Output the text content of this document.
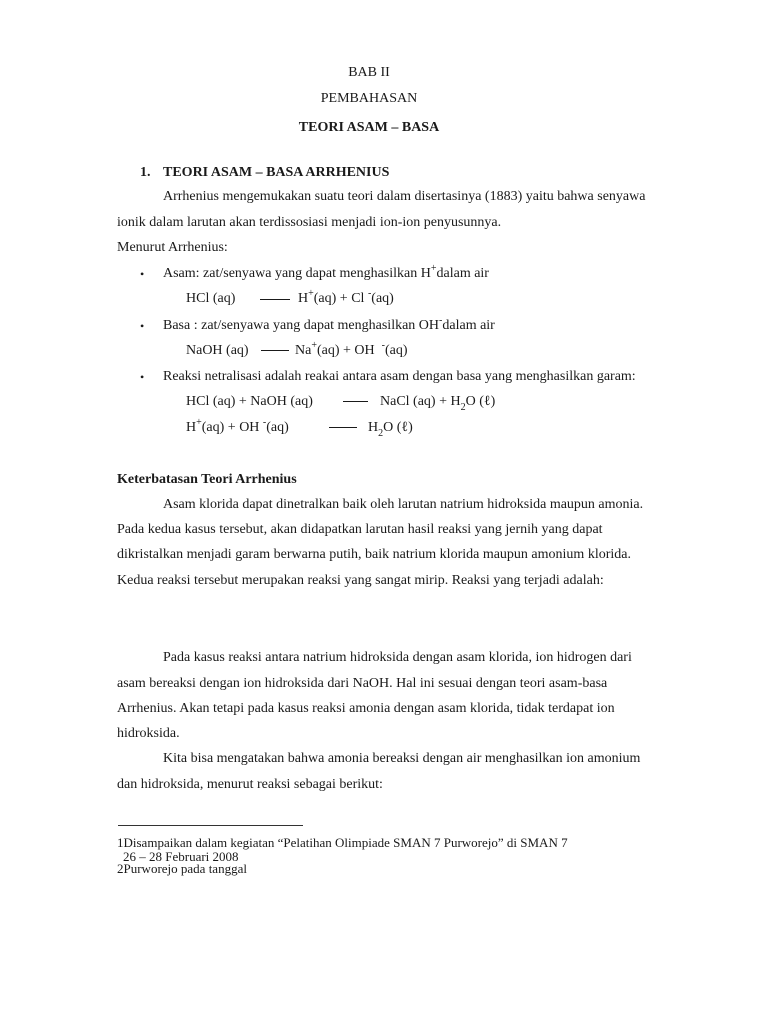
BAB II
PEMBAHASAN
TEORI ASAM – BASA
1. TEORI ASAM – BASA ARRHENIUS
Arrhenius mengemukakan suatu teori dalam disertasinya (1883) yaitu bahwa senyawa
ionik dalam larutan akan terdissosiasi menjadi ion-ion penyusunnya.
Menurut Arrhenius:
• Asam: zat/senyawa yang dapat menghasilkan H+dalam air
HCl (aq)	H+(aq) + Cl -(aq)
• Basa : zat/senyawa yang dapat menghasilkan OH-dalam air
NaOH (aq)	Na+(aq) + OH -(aq)
• Reaksi netralisasi adalah reakai antara asam dengan basa yang menghasilkan garam:
HCl (aq) + NaOH (aq)	NaCl $(aq) + H_2O$ (ℓ)
H+(aq) + OH -(aq)	$H_2O$ (ℓ)
Keterbatasan Teori Arrhenius
Asam klorida dapat dinetralkan baik oleh larutan natrium hidroksida maupun amonia.
Pada kedua kasus tersebut, akan didapatkan larutan hasil reaksi yang jernih yang dapat
dikristalkan menjadi garam berwarna putih, baik natrium klorida maupun amonium klorida.
Kedua reaksi tersebut merupakan reaksi yang sangat mirip. Reaksi yang terjadi adalah:
Pada kasus reaksi antara natrium hidroksida dengan asam klorida, ion hidrogen dari
asam bereaksi dengan ion hidroksida dari NaOH. Hal ini sesuai dengan teori asam-basa
Arrhenius. Akan tetapi pada kasus reaksi amonia dengan asam klorida, tidak terdapat ion
hidroksida.
Kita bisa mengatakan bahwa amonia bereaksi dengan air menghasilkan ion amonium
dan hidroksida, menurut reaksi sebagai berikut:
1Disampaikan dalam kegiatan “Pelatihan Olimpiade SMAN 7 Purworejo” di SMAN 7
26 – 28 Februari 2008
2Purworejo pada tanggal
